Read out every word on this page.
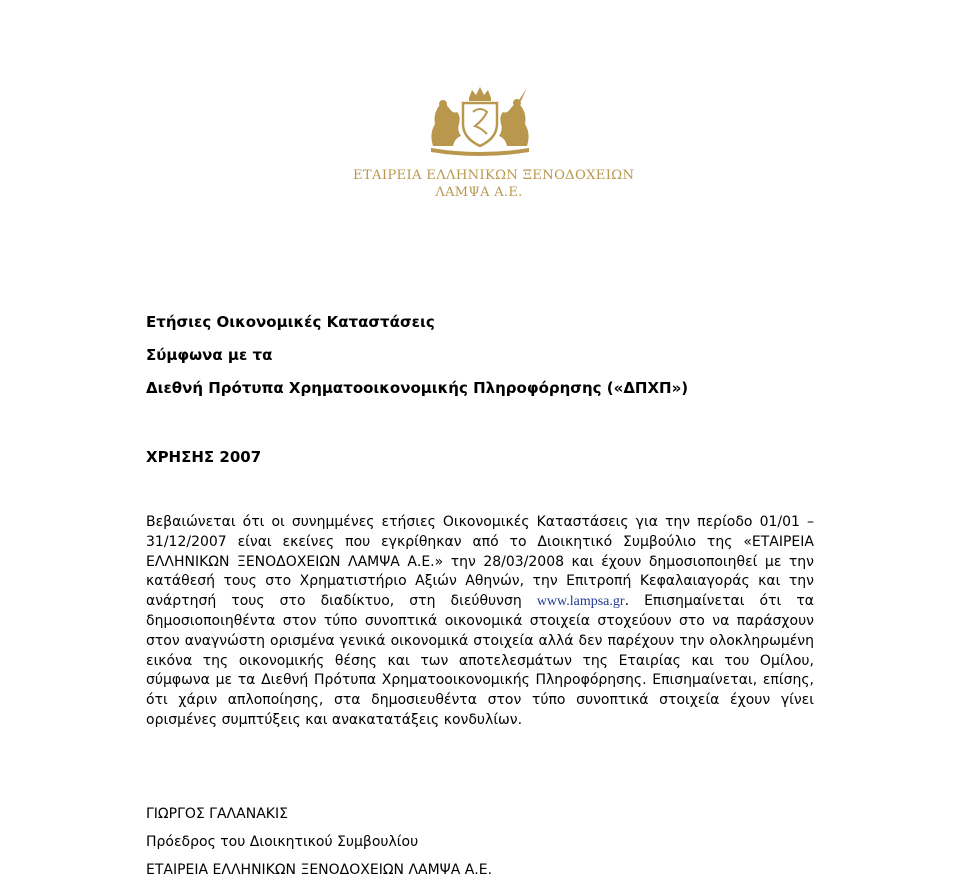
ΕΤΑΙΡΕΙΑ ΕΛΛΗΝΙΚΩΝ ΞΕΝΟΔΟΧΕΙΩΝ
ΛΑΜΨΑ Α.Ε.
Ετήσιες Οικονομικές Καταστάσεις
Σύμφωνα με τα
Διεθνή Πρότυπα Χρηματοοικονομικής Πληροφόρησης («ΔΠΧΠ»)
ΧΡΗΣΗΣ 2007
Βεβαιώνεται ότι οι συνημμένες ετήσιες Οικονομικές Καταστάσεις για την περίοδο 01/01 – 31/12/2007 είναι εκείνες που εγκρίθηκαν από το Διοικητικό Συμβούλιο της «ΕΤΑΙΡΕΙΑ ΕΛΛΗΝΙΚΩΝ ΞΕΝΟΔΟΧΕΙΩΝ ΛΑΜΨΑ Α.Ε.» την 28/03/2008 και έχουν δημοσιοποιηθεί με την κατάθεσή τους στο Χρηματιστήριο Αξιών Αθηνών, την Επιτροπή Κεφαλαιαγοράς και την ανάρτησή τους στο διαδίκτυο, στη διεύθυνση www.lampsa.gr. Επισημαίνεται ότι τα δημοσιοποιηθέντα στον τύπο συνοπτικά οικονομικά στοιχεία στοχεύουν στο να παράσχουν στον αναγνώστη ορισμένα γενικά οικονομικά στοιχεία αλλά δεν παρέχουν την ολοκληρωμένη εικόνα της οικονομικής θέσης και των αποτελεσμάτων της Εταιρίας και του Ομίλου, σύμφωνα με τα Διεθνή Πρότυπα Χρηματοοικονομικής Πληροφόρησης. Επισημαίνεται, επίσης, ότι χάριν απλοποίησης, στα δημοσιευθέντα στον τύπο συνοπτικά στοιχεία έχουν γίνει ορισμένες συμπτύξεις και ανακατατάξεις κονδυλίων.
ΓΙΩΡΓΟΣ ΓΑΛΑΝΑΚΙΣ
Πρόεδρος του Διοικητικού Συμβουλίου
ΕΤΑΙΡΕΙΑ ΕΛΛΗΝΙΚΩΝ ΞΕΝΟΔΟΧΕΙΩΝ ΛΑΜΨΑ Α.Ε.
